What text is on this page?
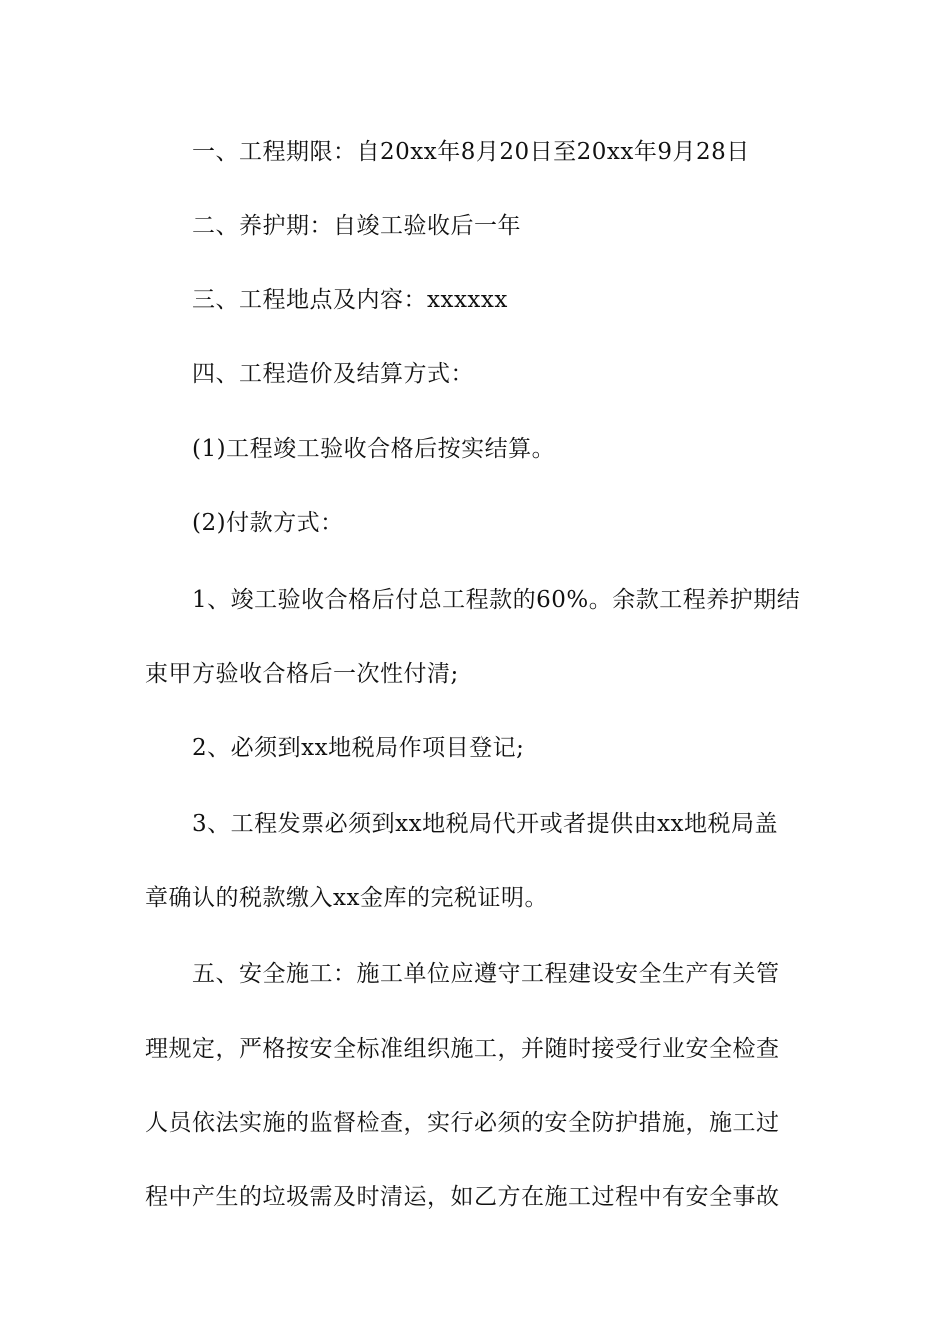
一、工程期限：自20xx年8月20日至20xx年9月28日
二、养护期：自竣工验收后一年
三、工程地点及内容：xxxxxx
四、工程造价及结算方式：
(1)工程竣工验收合格后按实结算。
(2)付款方式：
1、竣工验收合格后付总工程款的60%。余款工程养护期结
束甲方验收合格后一次性付清;
2、必须到xx地税局作项目登记;
3、工程发票必须到xx地税局代开或者提供由xx地税局盖
章确认的税款缴入xx金库的完税证明。
五、安全施工：施工单位应遵守工程建设安全生产有关管
理规定，严格按安全标准组织施工，并随时接受行业安全检查
人员依法实施的监督检查，实行必须的安全防护措施，施工过
程中产生的垃圾需及时清运，如乙方在施工过程中有安全事故
